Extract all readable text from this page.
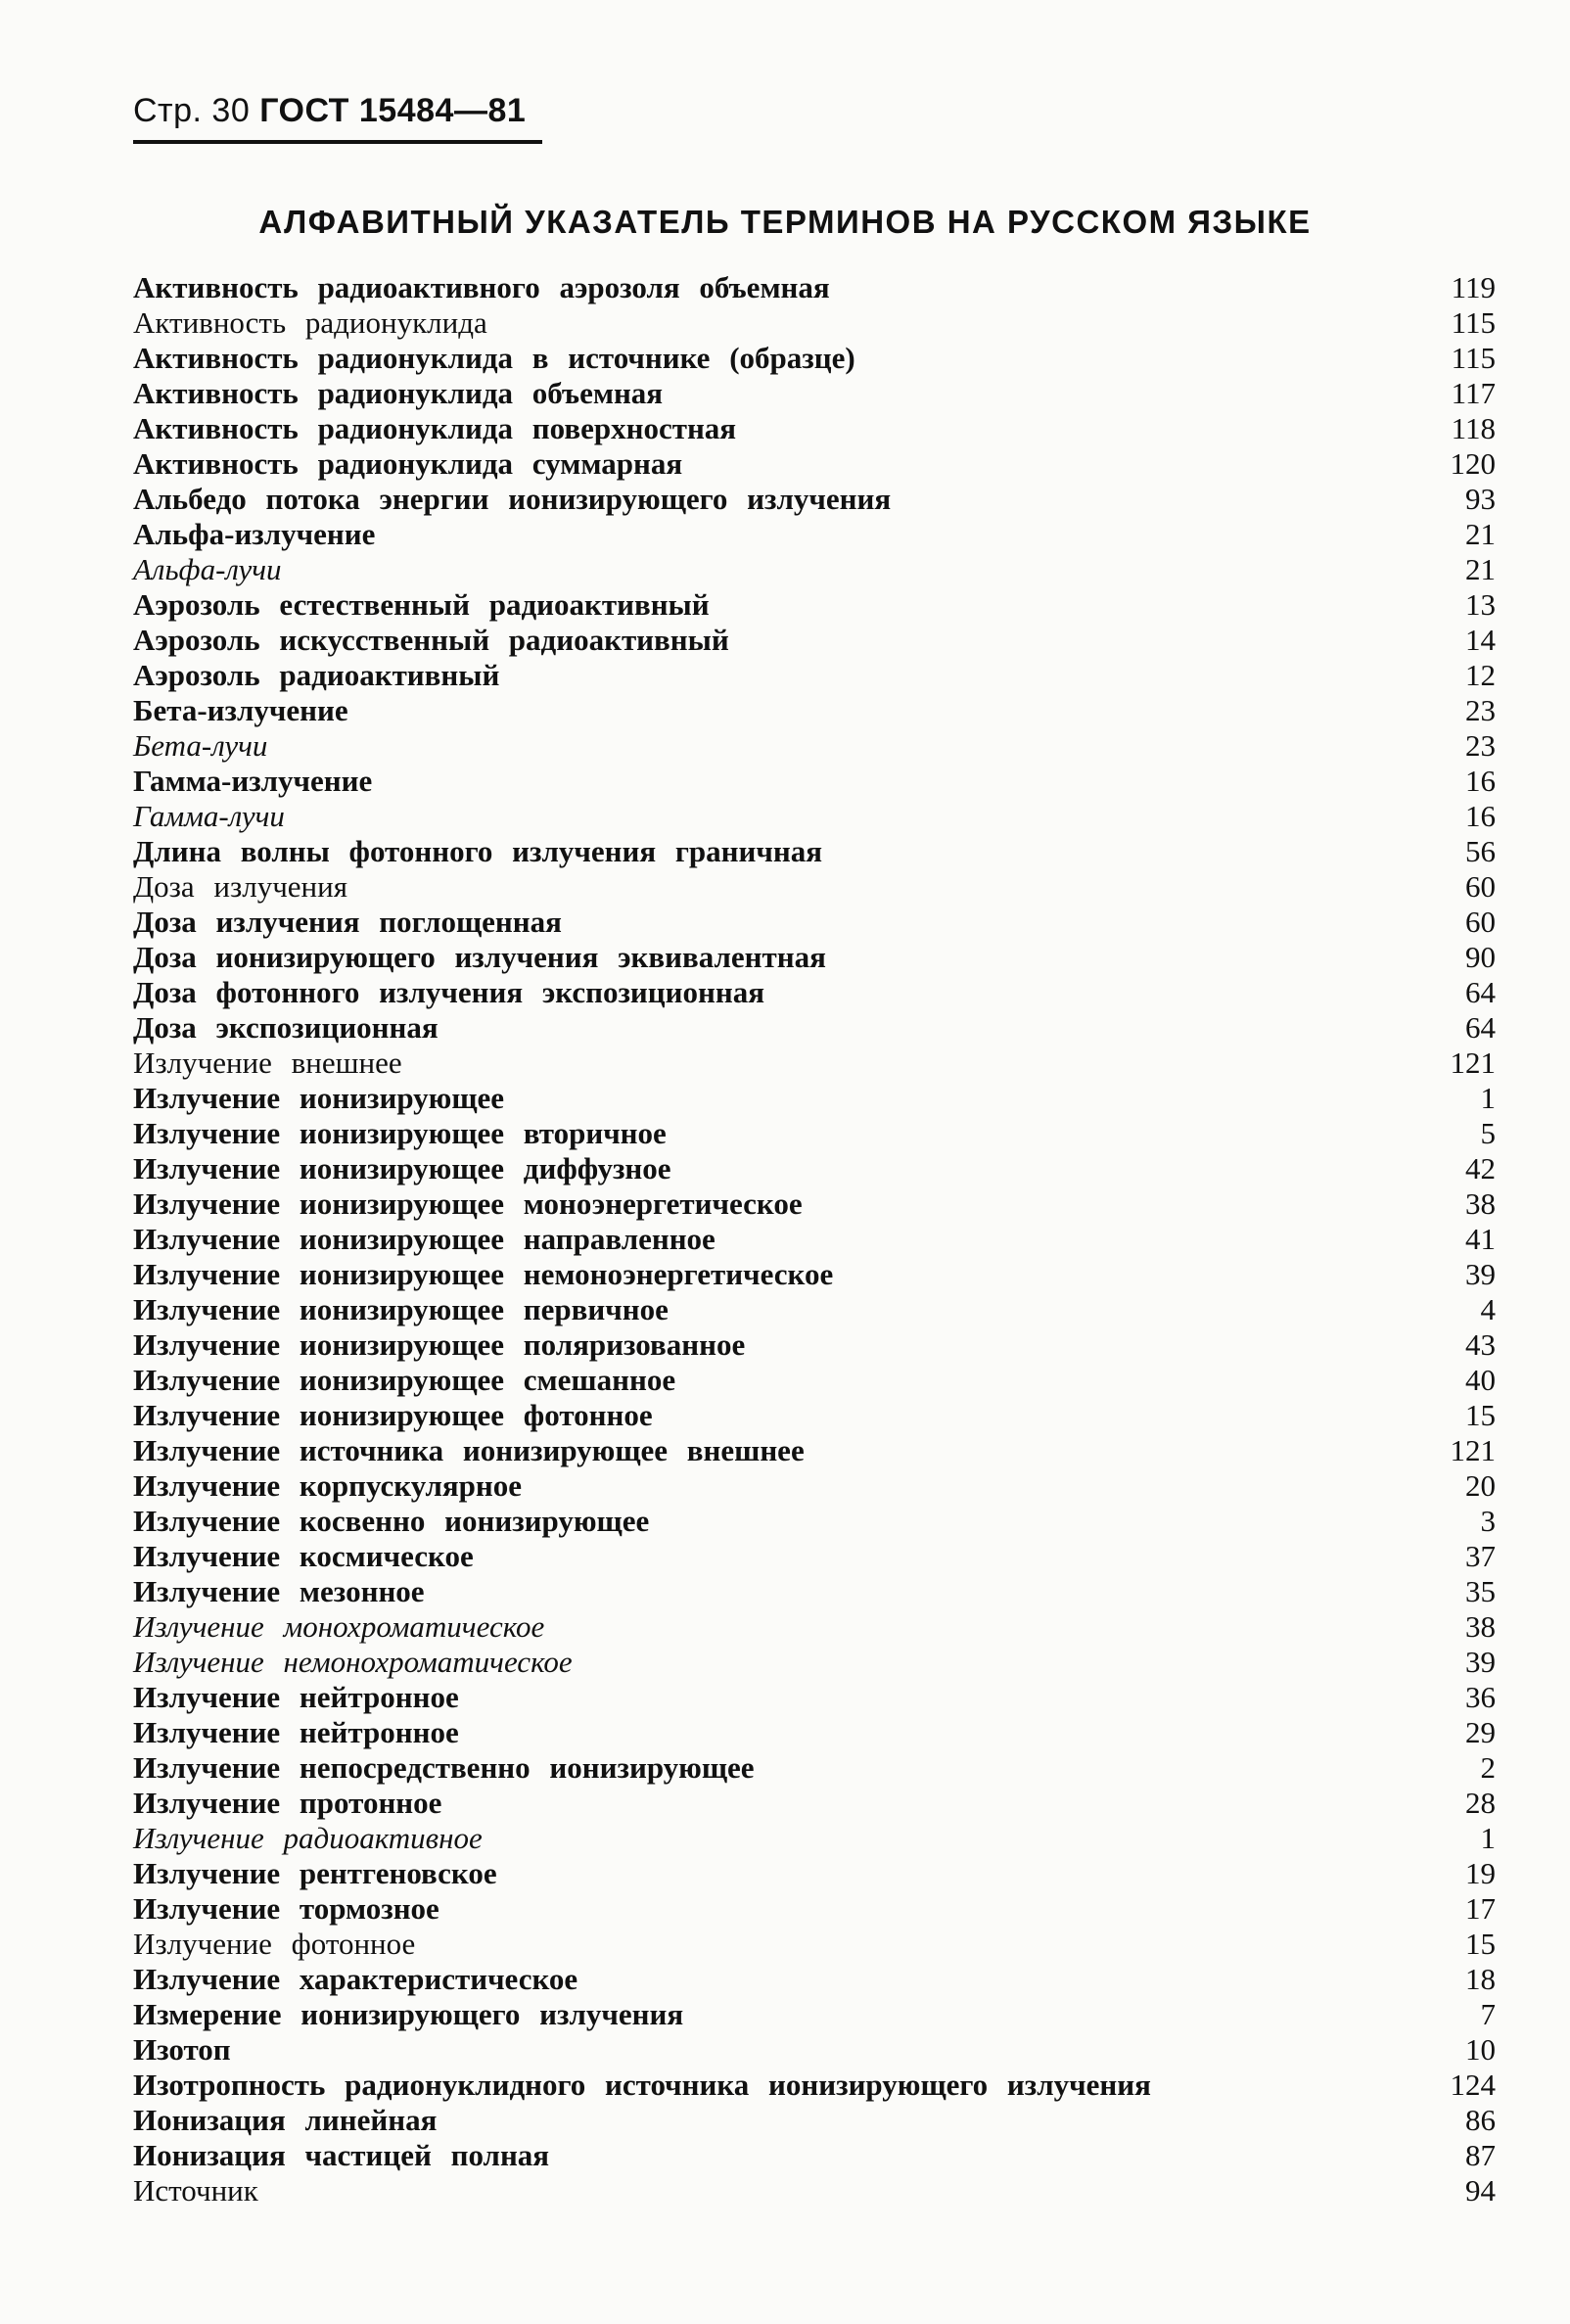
Стр. 30 ГОСТ 15484—81
АЛФАВИТНЫЙ УКАЗАТЕЛЬ ТЕРМИНОВ НА РУССКОМ ЯЗЫКЕ
Активность радиоактивного аэрозоля объемная	119
Активность радионуклида	115
Активность радионуклида в источнике (образце)	115
Активность радионуклида объемная	117
Активность радионуклида поверхностная	118
Активность радионуклида суммарная	120
Альбедо потока энергии ионизирующего излучения	93
Альфа-излучение	21
Альфа-лучи	21
Аэрозоль естественный радиоактивный	13
Аэрозоль искусственный радиоактивный	14
Аэрозоль радиоактивный	12
Бета-излучение	23
Бета-лучи	23
Гамма-излучение	16
Гамма-лучи	16
Длина волны фотонного излучения граничная	56
Доза излучения	60
Доза излучения поглощенная	60
Доза ионизирующего излучения эквивалентная	90
Доза фотонного излучения экспозиционная	64
Доза экспозиционная	64
Излучение внешнее	121
Излучение ионизирующее	1
Излучение ионизирующее вторичное	5
Излучение ионизирующее диффузное	42
Излучение ионизирующее моноэнергетическое	38
Излучение ионизирующее направленное	41
Излучение ионизирующее немоноэнергетическое	39
Излучение ионизирующее первичное	4
Излучение ионизирующее поляризованное	43
Излучение ионизирующее смешанное	40
Излучение ионизирующее фотонное	15
Излучение источника ионизирующее внешнее	121
Излучение корпускулярное	20
Излучение косвенно ионизирующее	3
Излучение космическое	37
Излучение мезонное	35
Излучение монохроматическое	38
Излучение немонохроматическое	39
Излучение нейтронное	36
Излучение нейтронное	29
Излучение непосредственно ионизирующее	2
Излучение протонное	28
Излучение радиоактивное	1
Излучение рентгеновское	19
Излучение тормозное	17
Излучение фотонное	15
Излучение характеристическое	18
Измерение ионизирующего излучения	7
Изотоп	10
Изотропность радионуклидного источника ионизирующего излучения	124
Ионизация линейная	86
Ионизация частицей полная	87
Источник	94
